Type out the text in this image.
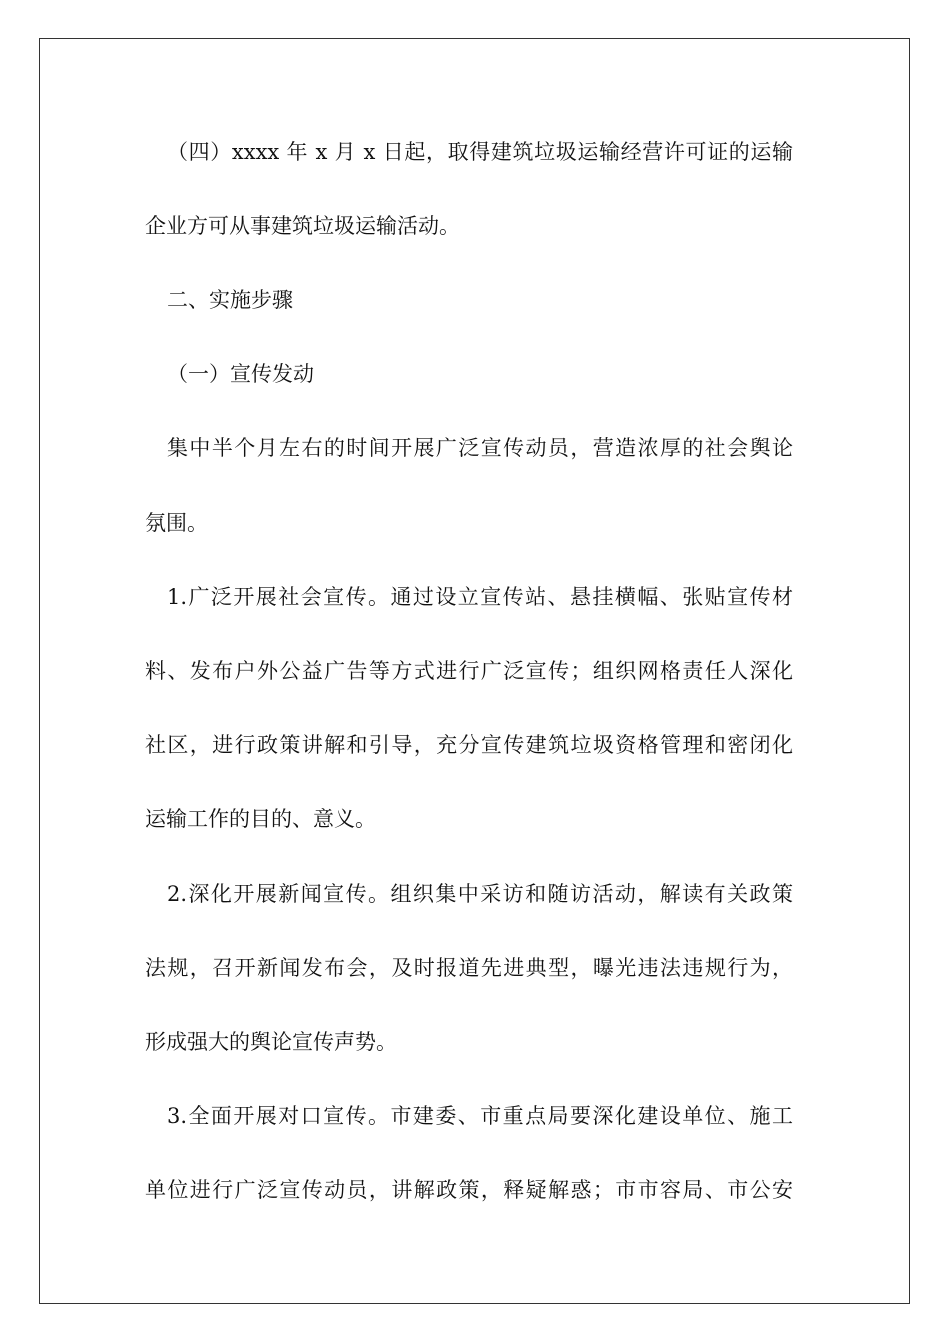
（四）xxxx 年 x 月 x 日起，取得建筑垃圾运输经营许可证的运输

企业方可从事建筑垃圾运输活动。

二、实施步骤

（一）宣传发动

集中半个月左右的时间开展广泛宣传动员，营造浓厚的社会舆论

氛围。

1.广泛开展社会宣传。通过设立宣传站、悬挂横幅、张贴宣传材

料、发布户外公益广告等方式进行广泛宣传；组织网格责任人深化

社区，进行政策讲解和引导，充分宣传建筑垃圾资格管理和密闭化

运输工作的目的、意义。

2.深化开展新闻宣传。组织集中采访和随访活动，解读有关政策

法规，召开新闻发布会，及时报道先进典型，曝光违法违规行为，

形成强大的舆论宣传声势。

3.全面开展对口宣传。市建委、市重点局要深化建设单位、施工

单位进行广泛宣传动员，讲解政策，释疑解惑；市市容局、市公安
